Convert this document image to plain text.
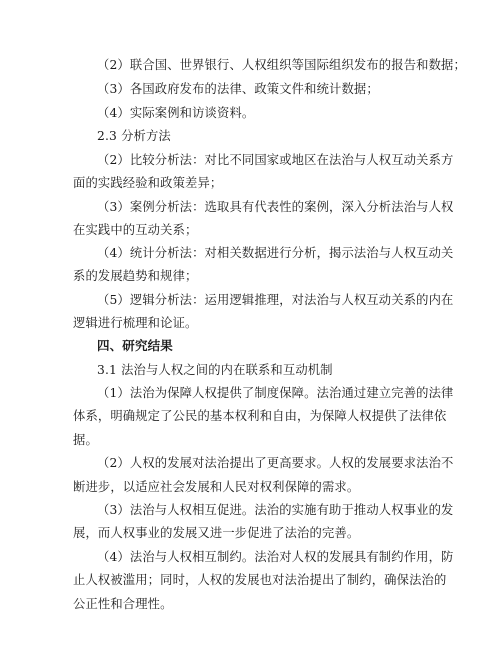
（2）联合国、世界银行、人权组织等国际组织发布的报告和数据；
（3）各国政府发布的法律、政策文件和统计数据；
（4）实际案例和访谈资料。
2.3 分析方法
（2）比较分析法：对比不同国家或地区在法治与人权互动关系方
面的实践经验和政策差异；
（3）案例分析法：选取具有代表性的案例，深入分析法治与人权
在实践中的互动关系；
（4）统计分析法：对相关数据进行分析，揭示法治与人权互动关
系的发展趋势和规律；
（5）逻辑分析法：运用逻辑推理，对法治与人权互动关系的内在
逻辑进行梳理和论证。
四、研究结果
3.1 法治与人权之间的内在联系和互动机制
（1）法治为保障人权提供了制度保障。法治通过建立完善的法律
体系，明确规定了公民的基本权利和自由，为保障人权提供了法律依
据。
（2）人权的发展对法治提出了更高要求。人权的发展要求法治不
断进步，以适应社会发展和人民对权利保障的需求。
（3）法治与人权相互促进。法治的实施有助于推动人权事业的发
展，而人权事业的发展又进一步促进了法治的完善。
（4）法治与人权相互制约。法治对人权的发展具有制约作用，防
止人权被滥用；同时，人权的发展也对法治提出了制约，确保法治的
公正性和合理性。
